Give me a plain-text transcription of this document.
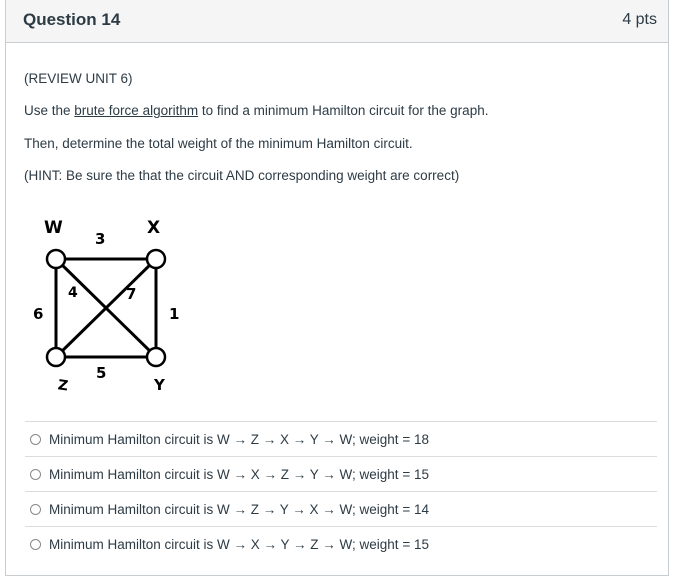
Question 14	4 pts
(REVIEW UNIT 6)
Use the brute force algorithm to find a minimum Hamilton circuit for the graph.
Then, determine the total weight of the minimum Hamilton circuit.
(HINT: Be sure the that the circuit AND corresponding weight are correct)
W	X
Z	Y
3
6	1
5
4	7
Minimum Hamilton circuit is W → Z → X → Y → W; weight = 18
Minimum Hamilton circuit is W → X → Z → Y → W; weight = 15
Minimum Hamilton circuit is W → Z → Y → X → W; weight = 14
Minimum Hamilton circuit is W → X → Y → Z → W; weight = 15
